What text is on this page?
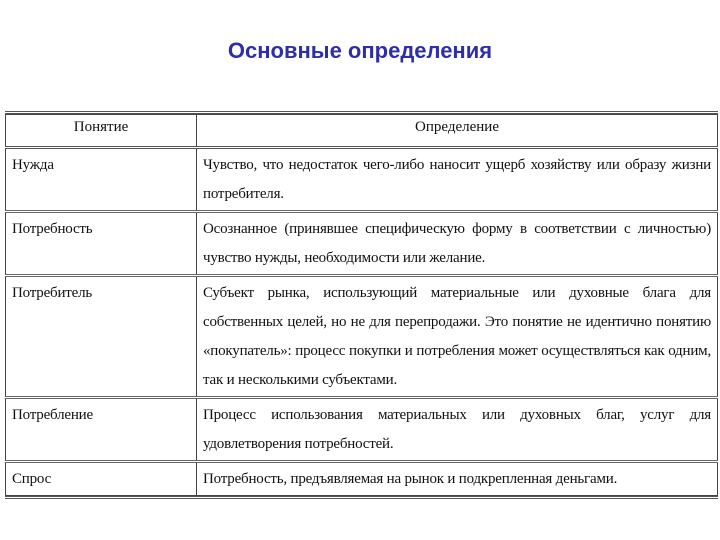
Основные определения
Понятие	Определение
Нужда	Чувство, что недостаток чего-либо наносит ущерб хозяйству или образу жизни потребителя.
Потребность	Осознанное (принявшее специфическую форму в соответствии с личностью) чувство нужды, необходимости или желание.
Потребитель	Субъект рынка, использующий материальные или духовные блага для собственных целей, но не для перепродажи. Это понятие не идентично понятию «покупатель»: процесс покупки и потребления может осуществляться как одним, так и несколькими субъектами.
Потребление	Процесс использования материальных или духовных благ, услуг для удовлетворения потребностей.
Спрос	Потребность, предъявляемая на рынок и подкрепленная деньгами.
